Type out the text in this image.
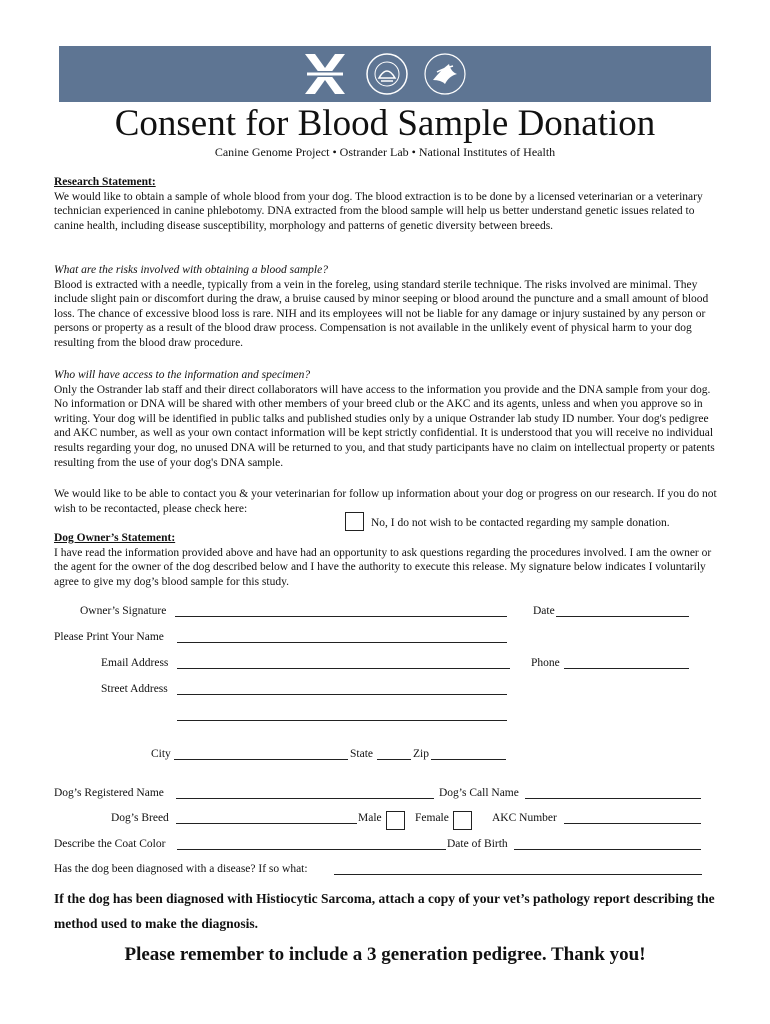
Consent for Blood Sample Donation
Canine Genome Project • Ostrander Lab • National Institutes of Health
Research Statement:
We would like to obtain a sample of whole blood from your dog. The blood extraction is to be done by a licensed veterinarian or a veterinary technician experienced in canine phlebotomy. DNA extracted from the blood sample will help us better understand genetic issues related to canine health, including disease susceptibility, morphology and patterns of genetic diversity between breeds.
What are the risks involved with obtaining a blood sample?
Blood is extracted with a needle, typically from a vein in the foreleg, using standard sterile technique. The risks involved are minimal. They include slight pain or discomfort during the draw, a bruise caused by minor seeping or blood around the puncture and a small amount of blood loss. The chance of excessive blood loss is rare. NIH and its employees will not be liable for any damage or injury sustained by any person or persons or property as a result of the blood draw process. Compensation is not available in the unlikely event of physical harm to your dog resulting from the blood draw procedure.
Who will have access to the information and specimen?
Only the Ostrander lab staff and their direct collaborators will have access to the information you provide and the DNA sample from your dog. No information or DNA will be shared with other members of your breed club or the AKC and its agents, unless and when you approve so in writing. Your dog will be identified in public talks and published studies only by a unique Ostrander lab study ID number. Your dog's pedigree and AKC number, as well as your own contact information will be kept strictly confidential. It is understood that you will receive no individual results regarding your dog, no unused DNA will be returned to you, and that study participants have no claim on intellectual property or patents resulting from the use of your dog's DNA sample.
We would like to be able to contact you & your veterinarian for follow up information about your dog or progress on our research. If you do not wish to be recontacted, please check here:
No, I do not wish to be contacted regarding my sample donation.
Dog Owner’s Statement:
I have read the information provided above and have had an opportunity to ask questions regarding the procedures involved. I am the owner or the agent for the owner of the dog described below and I have the authority to execute this release. My signature below indicates I voluntarily agree to give my dog’s blood sample for this study.
Owner’s Signature	Date
Please Print Your Name
Email Address	Phone
Street Address
City	State	Zip
Dog’s Registered Name	Dog’s Call Name
Dog’s Breed	Male	Female	AKC Number
Describe the Coat Color	Date of Birth
Has the dog been diagnosed with a disease? If so what:
If the dog has been diagnosed with Histiocytic Sarcoma, attach a copy of your vet’s pathology report describing the method used to make the diagnosis.
Please remember to include a 3 generation pedigree. Thank you!
